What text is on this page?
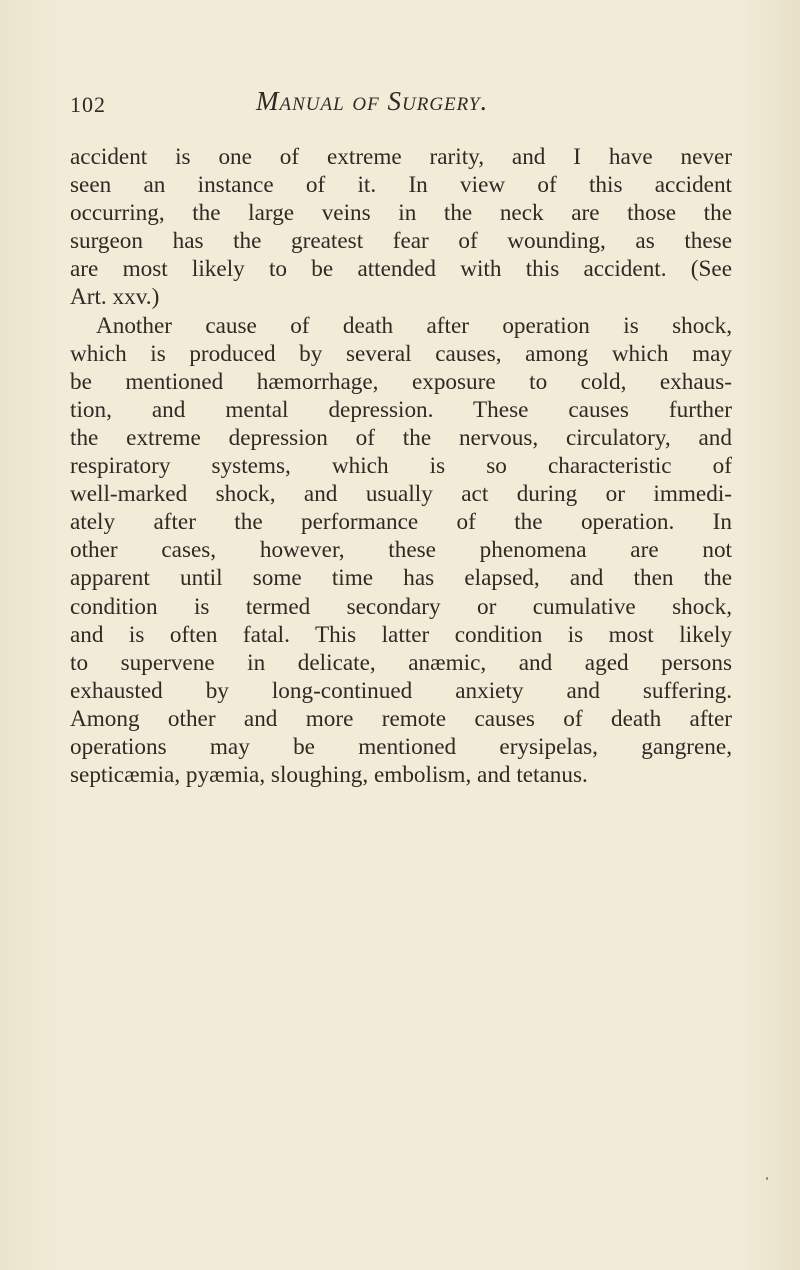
102	Manual of Surgery.
accident is one of extreme rarity, and I have never
seen an instance of it. In view of this accident
occurring, the large veins in the neck are those the
surgeon has the greatest fear of wounding, as these
are most likely to be attended with this accident. (See
Art. xxv.)
Another cause of death after operation is shock,
which is produced by several causes, among which may
be mentioned hæmorrhage, exposure to cold, exhaus-
tion, and mental depression. These causes further
the extreme depression of the nervous, circulatory, and
respiratory systems, which is so characteristic of
well-marked shock, and usually act during or immedi-
ately after the performance of the operation. In
other cases, however, these phenomena are not
apparent until some time has elapsed, and then the
condition is termed secondary or cumulative shock,
and is often fatal. This latter condition is most likely
to supervene in delicate, anæmic, and aged persons
exhausted by long-continued anxiety and suffering.
Among other and more remote causes of death after
operations may be mentioned erysipelas, gangrene,
septicæmia, pyæmia, sloughing, embolism, and tetanus.
